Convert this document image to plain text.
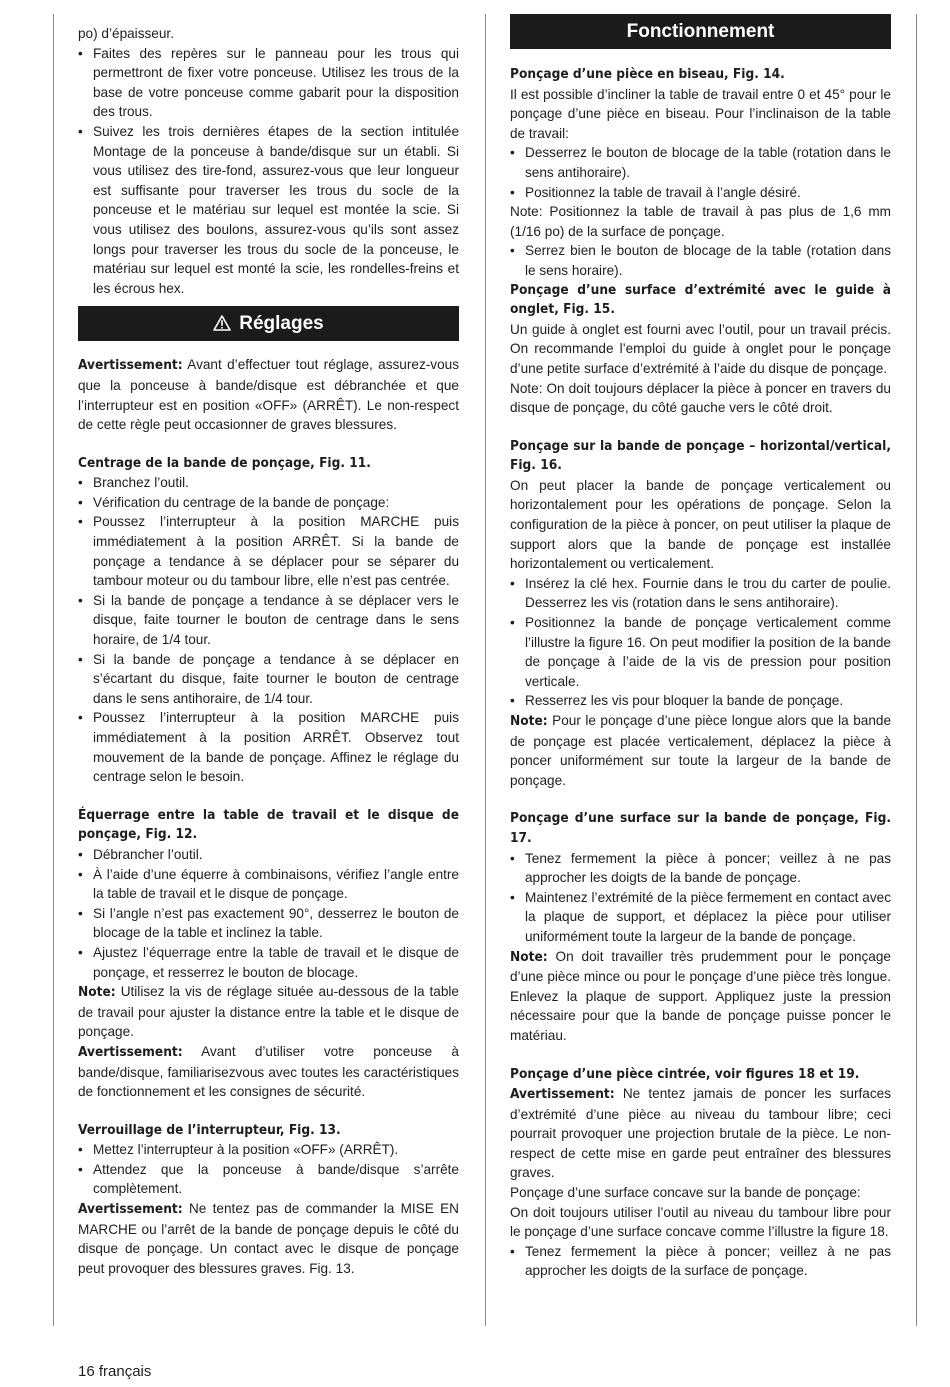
po) d’épaisseur.

• Faites des repères sur le panneau pour les trous qui permettront de fixer votre ponceuse. Utilisez les trous de la base de votre ponceuse comme gabarit pour la disposition des trous.

• Suivez les trois dernières étapes de la section intitulée Montage de la ponceuse à bande/disque sur un établi. Si vous utilisez des tire-fond, assurez-vous que leur longueur est suffisante pour traverser les trous du socle de la ponceuse et le matériau sur lequel est montée la scie. Si vous utilisez des boulons, assurez-vous qu’ils sont assez longs pour traverser les trous du socle de la ponceuse, le matériau sur lequel est monté la scie, les rondelles-freins et les écrous hex.

Réglages

Avertissement: Avant d’effectuer tout réglage, assurez-vous que la ponceuse à bande/disque est débranchée et que l’interrupteur est en position «OFF» (ARRÊT). Le non-respect de cette règle peut occasionner de graves blessures.

Centrage de la bande de ponçage, Fig. 11.

• Branchez l’outil.

• Vérification du centrage de la bande de ponçage:

• Poussez l’interrupteur à la position MARCHE puis immédiatement à la position ARRÊT. Si la bande de ponçage a tendance à se déplacer pour se séparer du tambour moteur ou du tambour libre, elle n’est pas centrée.

• Si la bande de ponçage a tendance à se déplacer vers le disque, faite tourner le bouton de centrage dans le sens horaire, de 1/4 tour.

• Si la bande de ponçage a tendance à se déplacer en s’écartant du disque, faite tourner le bouton de centrage dans le sens antihoraire, de 1/4 tour.

• Poussez l’interrupteur à la position MARCHE puis immédiatement à la position ARRÊT. Observez tout mouvement de la bande de ponçage. Affinez le réglage du centrage selon le besoin.

Équerrage entre la table de travail et le disque de ponçage, Fig. 12.

• Débrancher l’outil.

• À l’aide d’une équerre à combinaisons, vérifiez l’angle entre la table de travail et le disque de ponçage.

• Si l’angle n’est pas exactement 90°, desserrez le bouton de blocage de la table et inclinez la table.

• Ajustez l’équerrage entre la table de travail et le disque de ponçage, et resserrez le bouton de blocage.

Note: Utilisez la vis de réglage située au-dessous de la table de travail pour ajuster la distance entre la table et le disque de ponçage.

Avertissement: Avant d’utiliser votre ponceuse à bande/disque, familiarisezvous avec toutes les caractéristiques de fonctionnement et les consignes de sécurité.

Verrouillage de l’interrupteur, Fig. 13.

• Mettez l’interrupteur à la position «OFF» (ARRÊT).

• Attendez que la ponceuse à bande/disque s’arrête complètement.

Avertissement: Ne tentez pas de commander la MISE EN MARCHE ou l’arrêt de la bande de ponçage depuis le côté du disque de ponçage. Un contact avec le disque de ponçage peut provoquer des blessures graves. Fig. 13.

Fonctionnement

Ponçage d’une pièce en biseau, Fig. 14.

Il est possible d’incliner la table de travail entre 0 et 45° pour le ponçage d’une pièce en biseau. Pour l’inclinaison de la table de travail:

• Desserrez le bouton de blocage de la table (rotation dans le sens antihoraire).

• Positionnez la table de travail à l’angle désiré.

Note: Positionnez la table de travail à pas plus de 1,6 mm (1/16 po) de la surface de ponçage.

• Serrez bien le bouton de blocage de la table (rotation dans le sens horaire).

Ponçage d’une surface d’extrémité avec le guide à onglet, Fig. 15.

Un guide à onglet est fourni avec l’outil, pour un travail précis. On recommande l’emploi du guide à onglet pour le ponçage d’une petite surface d’extrémité à l’aide du disque de ponçage.

Note: On doit toujours déplacer la pièce à poncer en travers du disque de ponçage, du côté gauche vers le côté droit.

Ponçage sur la bande de ponçage – horizontal/vertical, Fig. 16.

On peut placer la bande de ponçage verticalement ou horizontalement pour les opérations de ponçage. Selon la configuration de la pièce à poncer, on peut utiliser la plaque de support alors que la bande de ponçage est installée horizontalement ou verticalement.

• Insérez la clé hex. Fournie dans le trou du carter de poulie. Desserrez les vis (rotation dans le sens antihoraire).

• Positionnez la bande de ponçage verticalement comme l’illustre la figure 16. On peut modifier la position de la bande de ponçage à l’aide de la vis de pression pour position verticale.

• Resserrez les vis pour bloquer la bande de ponçage.

Note: Pour le ponçage d’une pièce longue alors que la bande de ponçage est placée verticalement, déplacez la pièce à poncer uniformément sur toute la largeur de la bande de ponçage.

Ponçage d’une surface sur la bande de ponçage, Fig. 17.

• Tenez fermement la pièce à poncer; veillez à ne pas approcher les doigts de la bande de ponçage.

• Maintenez l’extrémité de la pièce fermement en contact avec la plaque de support, et déplacez la pièce pour utiliser uniformément toute la largeur de la bande de ponçage.

Note: On doit travailler très prudemment pour le ponçage d’une pièce mince ou pour le ponçage d’une pièce très longue. Enlevez la plaque de support. Appliquez juste la pression nécessaire pour que la bande de ponçage puisse poncer le matériau.

Ponçage d’une pièce cintrée, voir figures 18 et 19.

Avertissement: Ne tentez jamais de poncer les surfaces d’extrémité d’une pièce au niveau du tambour libre; ceci pourrait provoquer une projection brutale de la pièce. Le non-respect de cette mise en garde peut entraîner des blessures graves.

Ponçage d’une surface concave sur la bande de ponçage:

On doit toujours utiliser l’outil au niveau du tambour libre pour le ponçage d’une surface concave comme l’illustre la figure 18.

• Tenez fermement la pièce à poncer; veillez à ne pas approcher les doigts de la surface de ponçage.

16 français
